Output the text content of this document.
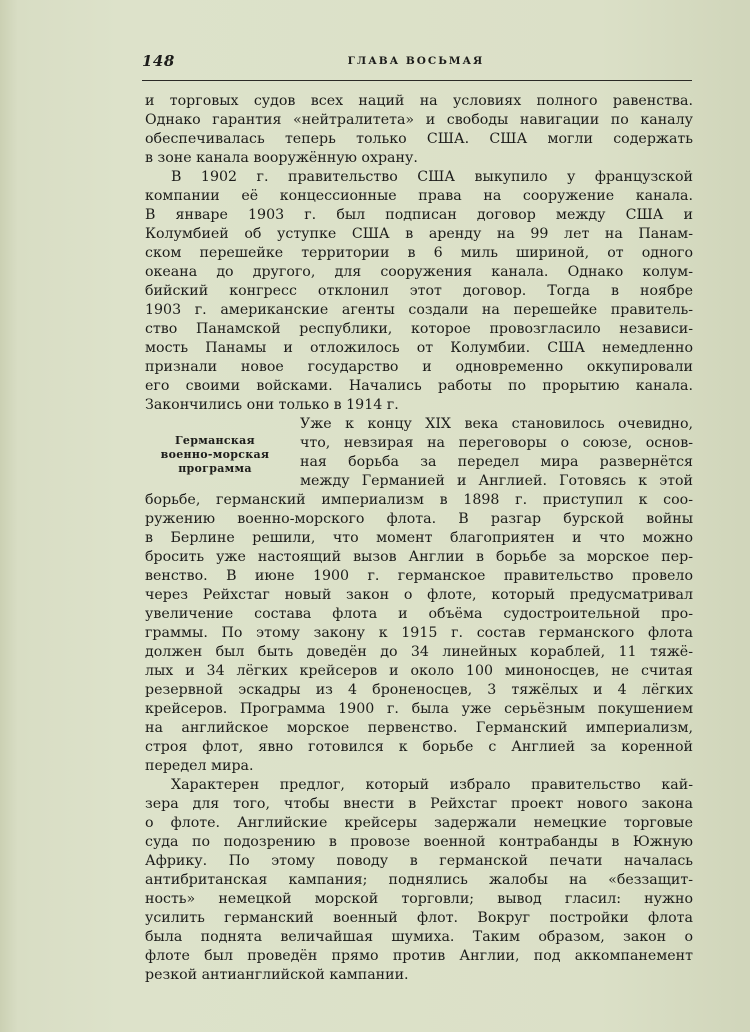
148	ГЛАВА ВОСЬМАЯ
и торговых судов всех наций на условиях полного равенства.
Однако гарантия «нейтралитета» и свободы навигации по каналу
обеспечивалась теперь только США. США могли содержать
в зоне канала вооружённую охрану.
В 1902 г. правительство США выкупило у французской
компании её концессионные права на сооружение канала.
В январе 1903 г. был подписан договор между США и
Колумбией об уступке США в аренду на 99 лет на Панам-
ском перешейке территории в 6 миль шириной, от одного
океана до другого, для сооружения канала. Однако колум-
бийский конгресс отклонил этот договор. Тогда в ноябре
1903 г. американские агенты создали на перешейке правитель-
ство Панамской республики, которое провозгласило независи-
мость Панамы и отложилось от Колумбии. США немедленно
признали новое государство и одновременно оккупировали
его своими войсками. Начались работы по прорытию канала.
Закончились они только в 1914 г.
Германская
военно-морская
программа
Уже к концу XIX века становилось очевидно,
что, невзирая на переговоры о союзе, основ-
ная борьба за передел мира развернётся
между Германией и Англией. Готовясь к этой
борьбе, германский империализм в 1898 г. приступил к соо-
ружению военно-морского флота. В разгар бурской войны
в Берлине решили, что момент благоприятен и что можно
бросить уже настоящий вызов Англии в борьбе за морское пер-
венство. В июне 1900 г. германское правительство провело
через Рейхстаг новый закон о флоте, который предусматривал
увеличение состава флота и объёма судостроительной про-
граммы. По этому закону к 1915 г. состав германского флота
должен был быть доведён до 34 линейных кораблей, 11 тяжё-
лых и 34 лёгких крейсеров и около 100 миноносцев, не считая
резервной эскадры из 4 броненосцев, 3 тяжёлых и 4 лёгких
крейсеров. Программа 1900 г. была уже серьёзным покушением
на английское морское первенство. Германский империализм,
строя флот, явно готовился к борьбе с Англией за коренной
передел мира.
Характерен предлог, который избрало правительство кай-
зера для того, чтобы внести в Рейхстаг проект нового закона
о флоте. Английские крейсеры задержали немецкие торговые
суда по подозрению в провозе военной контрабанды в Южную
Африку. По этому поводу в германской печати началась
антибританская кампания; поднялись жалобы на «беззащит-
ность» немецкой морской торговли; вывод гласил: нужно
усилить германский военный флот. Вокруг постройки флота
была поднята величайшая шумиха. Таким образом, закон о
флоте был проведён прямо против Англии, под аккомпанемент
резкой антианглийской кампании.
